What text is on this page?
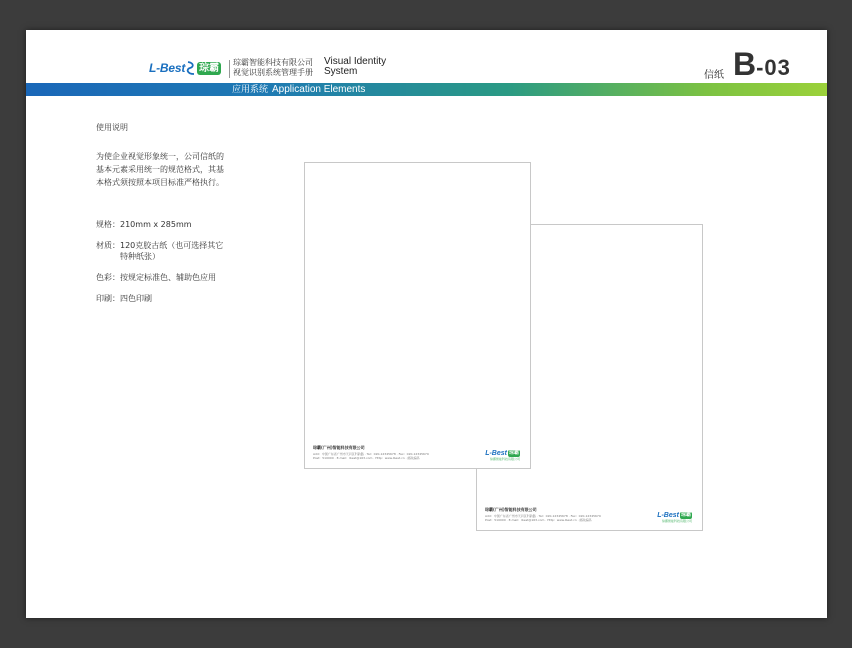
L-Best 琮霸 琮霸智能科技有限公司
视觉识别系统管理手册
Visual Identity
System	信纸 B-03
应用系统 Application Elements
使用说明
为使企业视觉形象统一，公司信纸的基本元素采用统一的规范格式，其基本格式须按照本项目标准严格执行。
规格： 210mm x 285mm
材质： 120克胶古纸（也可选择其它特种纸张）
色彩： 按规定标准色、辅助色应用
印刷： 四色印刷
琮霸(广州)智能科技有限公司
Add：中国广东省广州市天河区科韵路 · Tel：020-12345678 · Fax：020-12345679
Post：510000 · E-mail：lbest@163.com · Http：www.lbest.cn · 邮政编码
L-Best 琮霸
琮霸智能科技有限公司
琮霸(广州)智能科技有限公司
Add：中国广东省广州市天河区科韵路 · Tel：020-12345678 · Fax：020-12345679
Post：510000 · E-mail：lbest@163.com · Http：www.lbest.cn · 邮政编码
L-Best 琮霸
琮霸智能科技有限公司
